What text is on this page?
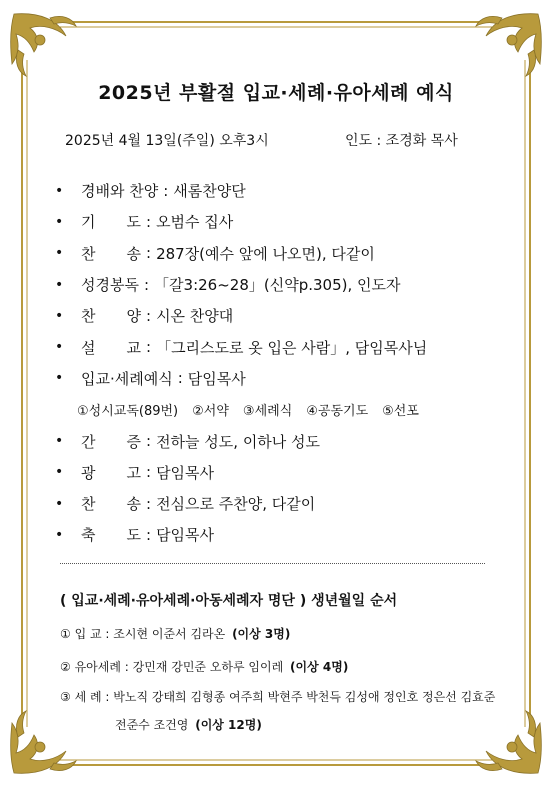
2025년 부활절 입교·세례·유아세례 예식
2025년 4월 13일(주일) 오후3시	인도 : 조경화 목사
•	경배와 찬양 : 새롬찬양단
•	기 도 : 오범수 집사
•	찬 송 : 287장(예수 앞에 나오면), 다같이
•	성경봉독 : 「갈3:26~28」(신약p.305), 인도자
•	찬 양 : 시온 찬양대
•	설 교 : 「그리스도로 옷 입은 사람」, 담임목사님
•	입교·세례예식 : 담임목사
①성시교독(89번) ②서약 ③세례식 ④공동기도 ⑤선포
•	간 증 : 전하늘 성도, 이하나 성도
•	광 고 : 담임목사
•	찬 송 : 전심으로 주찬양, 다같이
•	축 도 : 담임목사
( 입교·세례·유아세례·아동세례자 명단 ) 생년월일 순서
① 입 교 : 조시현 이준서 김라온 (이상 3명)
② 유아세례 : 강민재 강민준 오하루 임이레 (이상 4명)
③ 세 례 : 박노직 강태희 김형종 여주희 박현주 박천득 김성애 정인호 정은선 김효준
전준수 조건영 (이상 12명)
